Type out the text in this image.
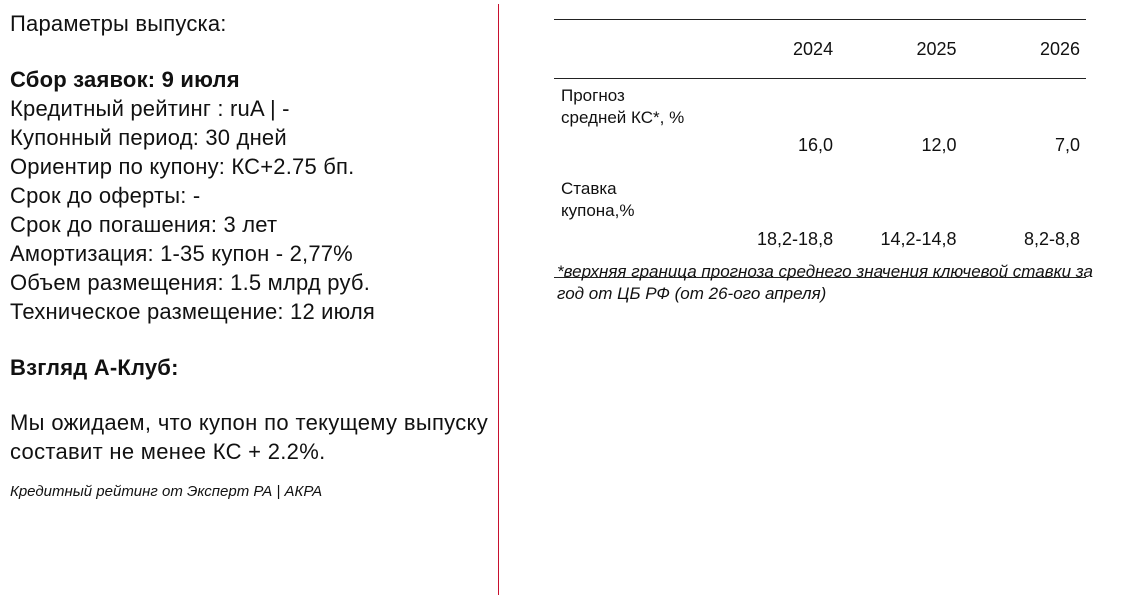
Параметры выпуска:
Сбор заявок: 9 июля
Кредитный рейтинг : ruA | -
Купонный период: 30 дней
Ориентир по купону: КС+2.75 бп.
Срок до оферты: -
Срок до погашения: 3 лет
Амортизация: 1-35 купон - 2,77%
Объем размещения: 1.5 млрд руб.
Техническое размещение: 12 июля
Взгляд А-Клуб:
Мы ожидаем, что купон по текущему выпуску составит не менее КС + 2.2%.
Кредитный рейтинг от Эксперт РА | АКРА
	2024	2025	2026

Прогноз
средней КС*, %	16,0	12,0	7,0

Ставка
купона,%	18,2-18,8	14,2-14,8	8,2-8,8
*верхняя граница прогноза среднего значения ключевой ставки за год от ЦБ РФ (от 26-ого апреля)
